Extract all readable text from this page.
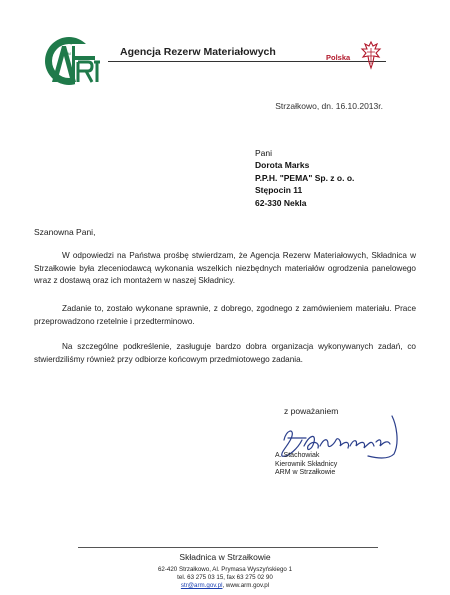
ARM	Agencja Rezerw Materiałowych	Polska
Strzałkowo, dn. 16.10.2013r.
Pani
Dorota Marks
P.P.H. "PEMA" Sp. z o. o.
Stępocin 11
62-330 Nekla
Szanowna Pani,
W odpowiedzi na Państwa prośbę stwierdzam, że Agencja Rezerw Materiałowych, Składnica w Strzałkowie była zleceniodawcą wykonania wszelkich niezbędnych materiałów ogrodzenia panelowego wraz z dostawą oraz ich montażem w naszej Składnicy.
Zadanie to, zostało wykonane sprawnie, z dobrego, zgodnego z zamówieniem materiału. Prace przeprowadzono rzetelnie i przedterminowo.
Na szczególne podkreślenie, zasługuje bardzo dobra organizacja wykonywanych zadań, co stwierdziliśmy również przy odbiorze końcowym przedmiotowego zadania.
z poważaniem
A. Stachowiak
Kierownik Składnicy
ARM w Strzałkowie
Składnica w Strzałkowie
62-420 Strzałkowo, Al. Prymasa Wyszyńskiego 1
tel. 63 275 03 15, fax 63 275 02 90
str@arm.gov.pl, www.arm.gov.pl
